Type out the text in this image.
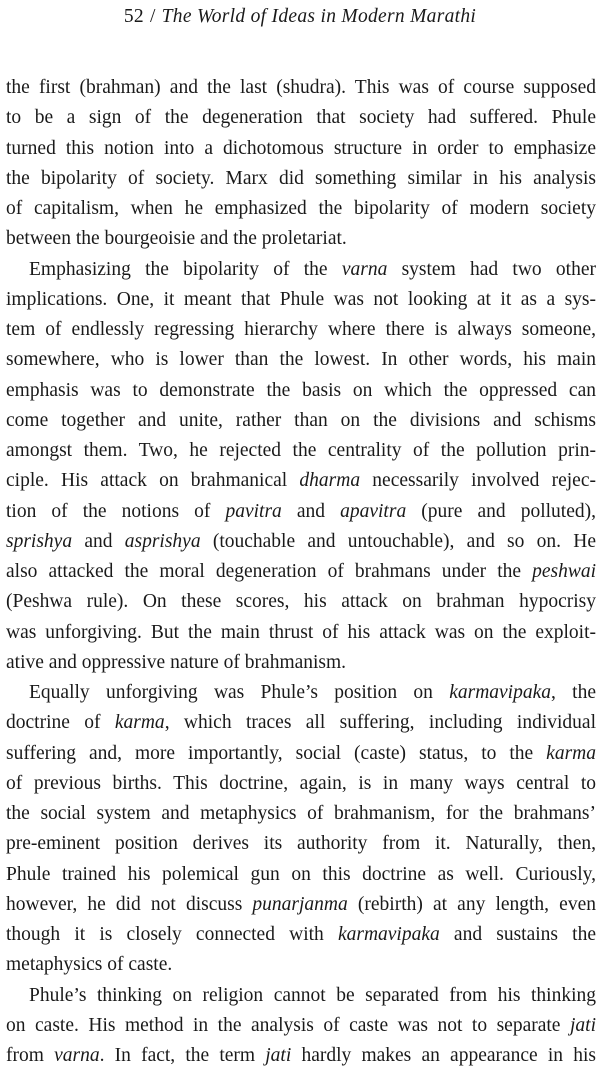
52 / The World of Ideas in Modern Marathi
the first (brahman) and the last (shudra). This was of course supposed
to be a sign of the degeneration that society had suffered. Phule
turned this notion into a dichotomous structure in order to emphasize
the bipolarity of society. Marx did something similar in his analysis
of capitalism, when he emphasized the bipolarity of modern society
between the bourgeoisie and the proletariat.
Emphasizing the bipolarity of the varna system had two other
implications. One, it meant that Phule was not looking at it as a sys-
tem of endlessly regressing hierarchy where there is always someone,
somewhere, who is lower than the lowest. In other words, his main
emphasis was to demonstrate the basis on which the oppressed can
come together and unite, rather than on the divisions and schisms
amongst them. Two, he rejected the centrality of the pollution prin-
ciple. His attack on brahmanical dharma necessarily involved rejec-
tion of the notions of pavitra and apavitra (pure and polluted),
sprishya and asprishya (touchable and untouchable), and so on. He
also attacked the moral degeneration of brahmans under the peshwai
(Peshwa rule). On these scores, his attack on brahman hypocrisy
was unforgiving. But the main thrust of his attack was on the exploit-
ative and oppressive nature of brahmanism.
Equally unforgiving was Phule’s position on karmavipaka, the
doctrine of karma, which traces all suffering, including individual
suffering and, more importantly, social (caste) status, to the karma
of previous births. This doctrine, again, is in many ways central to
the social system and metaphysics of brahmanism, for the brahmans’
pre-eminent position derives its authority from it. Naturally, then,
Phule trained his polemical gun on this doctrine as well. Curiously,
however, he did not discuss punarjanma (rebirth) at any length, even
though it is closely connected with karmavipaka and sustains the
metaphysics of caste.
Phule’s thinking on religion cannot be separated from his thinking
on caste. His method in the analysis of caste was not to separate jati
from varna. In fact, the term jati hardly makes an appearance in his
